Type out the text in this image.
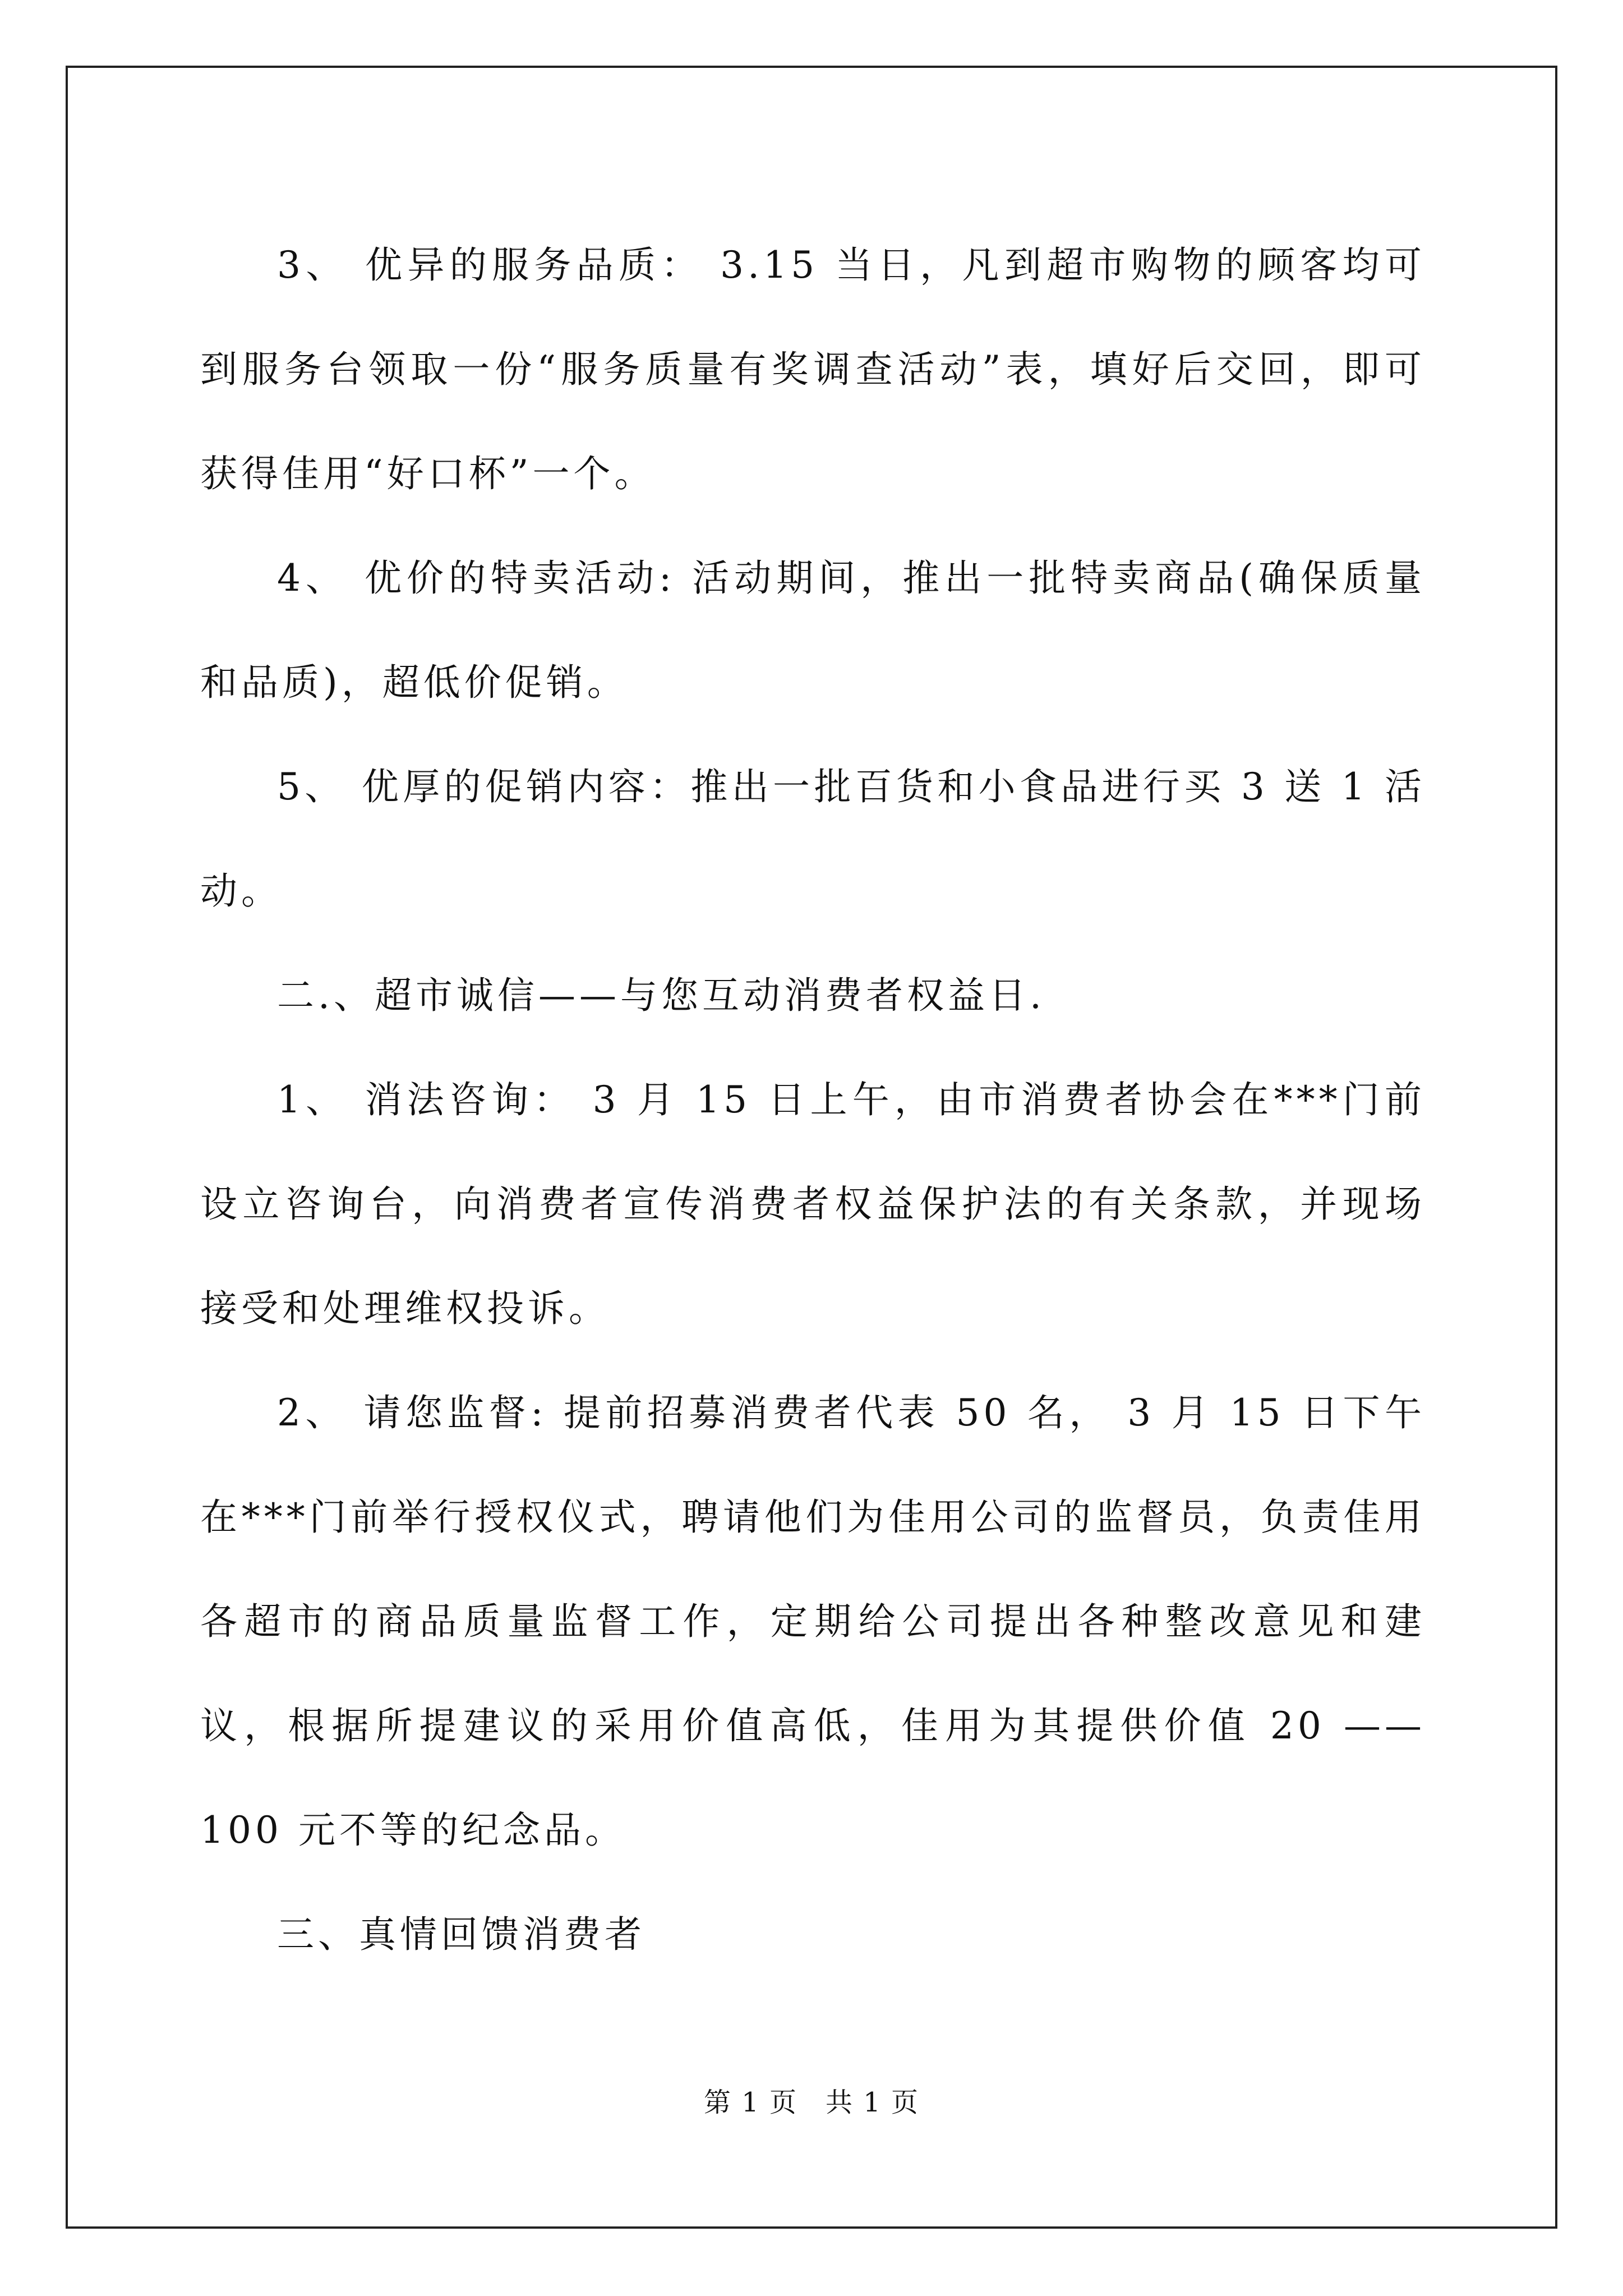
3、 优异的服务品质： 3.15 当日，凡到超市购物的顾客均可到服务台领取一份“服务质量有奖调查活动”表，填好后交回，即可获得佳用“好口杯”一个。

4、 优价的特卖活动: 活动期间，推出一批特卖商品(确保质量和品质)，超低价促销。

5、 优厚的促销内容：推出一批百货和小食品进行买 3 送 1 活动。

二.、超市诚信——与您互动消费者权益日.

1、 消法咨询： 3 月 15 日上午，由市消费者协会在***门前设立咨询台，向消费者宣传消费者权益保护法的有关条款，并现场接受和处理维权投诉。

2、 请您监督: 提前招募消费者代表 50 名， 3 月 15 日下午在***门前举行授权仪式，聘请他们为佳用公司的监督员，负责佳用各超市的商品质量监督工作，定期给公司提出各种整改意见和建议，根据所提建议的采用价值高低，佳用为其提供价值 20 —— 100 元不等的纪念品。

三、真情回馈消费者

第 1 页 共 1 页
